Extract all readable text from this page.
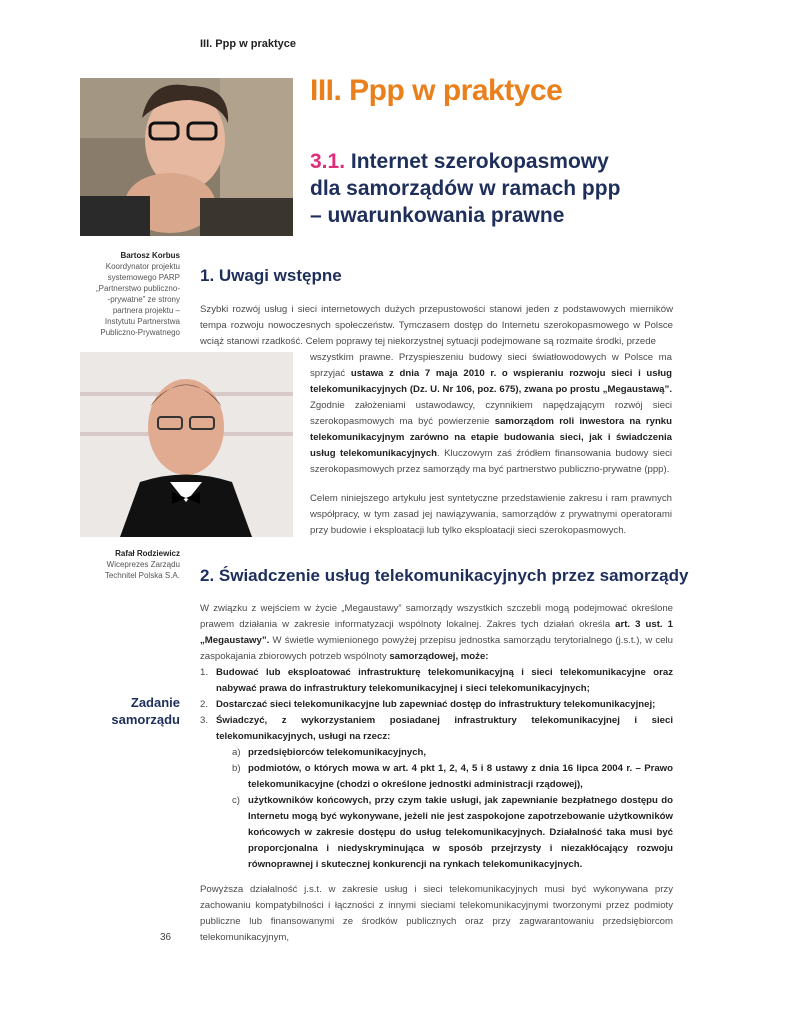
III. Ppp w praktyce
III. Ppp w praktyce
3.1. Internet szerokopasmowy
dla samorządów w ramach ppp
– uwarunkowania prawne
Bartosz Korbus
Koordynator projektu
systemowego PARP
„Partnerstwo publiczno-
-prywatne” ze strony
partnera projektu –
Instytutu Partnerstwa
Publiczno-Prywatnego
1. Uwagi wstępne
Szybki rozwój usług i sieci internetowych dużych przepustowości stanowi jeden z podstawowych mierników tempa rozwoju nowoczesnych społeczeństw. Tymczasem dostęp do Internetu szerokopasmowego w Polsce wciąż stanowi rzadkość. Celem poprawy tej niekorzystnej sytuacji podejmowane są rozmaite środki, przede
wszystkim prawne. Przyspieszeniu budowy sieci światłowodowych w Polsce ma sprzyjać ustawa z dnia 7 maja 2010 r. o wspieraniu rozwoju sieci i usług telekomunikacyjnych (Dz. U. Nr 106, poz. 675), zwana po prostu „Megaustawą”. Zgodnie założeniami ustawodawcy, czynnikiem napędzającym rozwój sieci szerokopasmowych ma być powierzenie samorządom roli inwestora na rynku telekomunikacyjnym zarówno na etapie budowania sieci, jak i świadczenia usług telekomunikacyjnych. Kluczowym zaś źródłem finansowania budowy sieci szerokopasmowych przez samorządy ma być partnerstwo publiczno-prywatne (ppp).
Celem niniejszego artykułu jest syntetyczne przedstawienie zakresu i ram prawnych współpracy, w tym zasad jej nawiązywania, samorządów z prywatnymi operatorami przy budowie i eksploatacji lub tylko eksploatacji sieci szerokopasmowych.
Rafał Rodziewicz
Wiceprezes Zarządu
Technitel Polska S.A. 2. Świadczenie usług telekomunikacyjnych przez samorządy
W związku z wejściem w życie „Megaustawy” samorządy wszystkich szczebli mogą podejmować określone prawem działania w zakresie informatyzacji wspólnoty lokalnej. Zakres tych działań określa art. 3 ust. 1 „Megaustawy”. W świetle wymienionego powyżej przepisu jednostka samorządu terytorialnego (j.s.t.), w celu zaspokajania zbiorowych potrzeb wspólnoty samorządowej, może:
Zadanie
samorządu
1. Budować lub eksploatować infrastrukturę telekomunikacyjną i sieci telekomunikacyjne oraz nabywać prawa do infrastruktury telekomunikacyjnej i sieci telekomunikacyjnych;
2. Dostarczać sieci telekomunikacyjne lub zapewniać dostęp do infrastruktury telekomunikacyjnej;
3. Świadczyć, z wykorzystaniem posiadanej infrastruktury telekomunikacyjnej i sieci telekomunikacyjnych, usługi na rzecz:
a) przedsiębiorców telekomunikacyjnych,
b) podmiotów, o których mowa w art. 4 pkt 1, 2, 4, 5 i 8 ustawy z dnia 16 lipca 2004 r. – Prawo telekomunikacyjne (chodzi o określone jednostki administracji rządowej),
c) użytkowników końcowych, przy czym takie usługi, jak zapewnianie bezpłatnego dostępu do Internetu mogą być wykonywane, jeżeli nie jest zaspokojone zapotrzebowanie użytkowników końcowych w zakresie dostępu do usług telekomunikacyjnych. Działalność taka musi być proporcjonalna i niedyskryminująca w sposób przejrzysty i niezakłócający rozwoju równoprawnej i skutecznej konkurencji na rynkach telekomunikacyjnych.
Powyższa działalność j.s.t. w zakresie usług i sieci telekomunikacyjnych musi być wykonywana przy zachowaniu kompatybilności i łączności z innymi sieciami telekomunikacyjnymi tworzonymi przez podmioty publiczne lub finansowanymi ze środków publicznych oraz przy zagwarantowaniu przedsiębiorcom telekomunikacyjnym,
36
